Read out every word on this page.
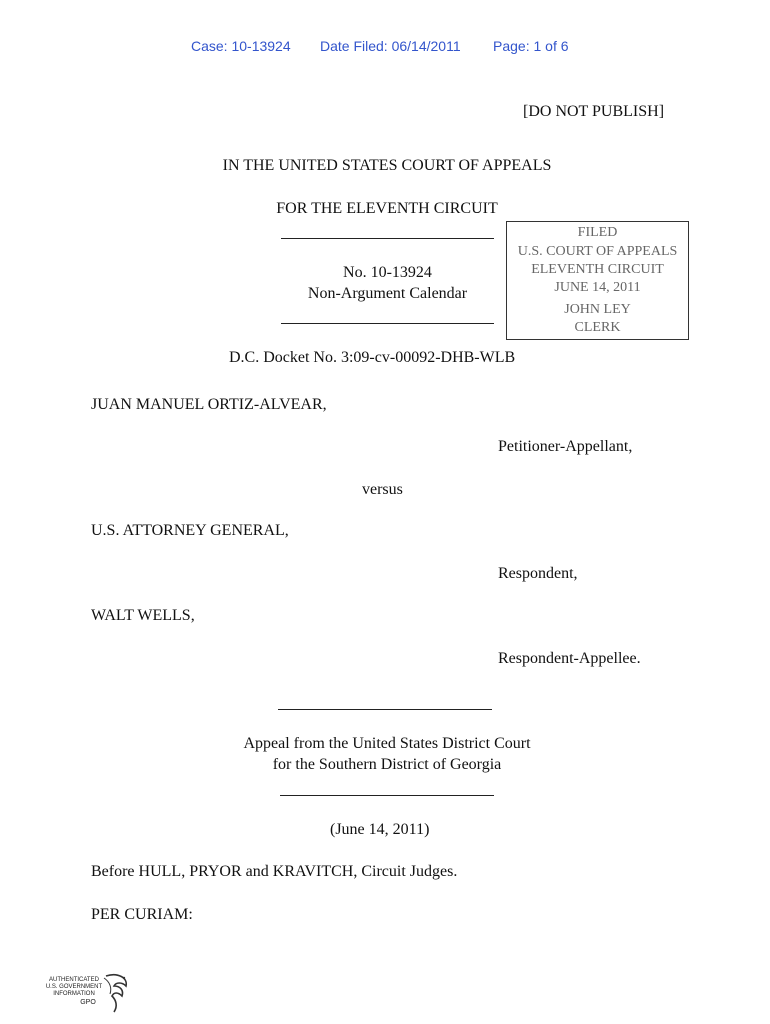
Case: 10-13924 Date Filed: 06/14/2011 Page: 1 of 6
[DO NOT PUBLISH]
IN THE UNITED STATES COURT OF APPEALS
FOR THE ELEVENTH CIRCUIT
No. 10-13924
Non-Argument Calendar
FILED
U.S. COURT OF APPEALS
ELEVENTH CIRCUIT
JUNE 14, 2011
JOHN LEY
CLERK
D.C. Docket No. 3:09-cv-00092-DHB-WLB
JUAN MANUEL ORTIZ-ALVEAR,
Petitioner-Appellant,
versus
U.S. ATTORNEY GENERAL,
Respondent,
WALT WELLS,
Respondent-Appellee.
Appeal from the United States District Court
for the Southern District of Georgia
(June 14, 2011)
Before HULL, PRYOR and KRAVITCH, Circuit Judges.
PER CURIAM:
AUTHENTICATED
U.S. GOVERNMENT
INFORMATION
GPO
